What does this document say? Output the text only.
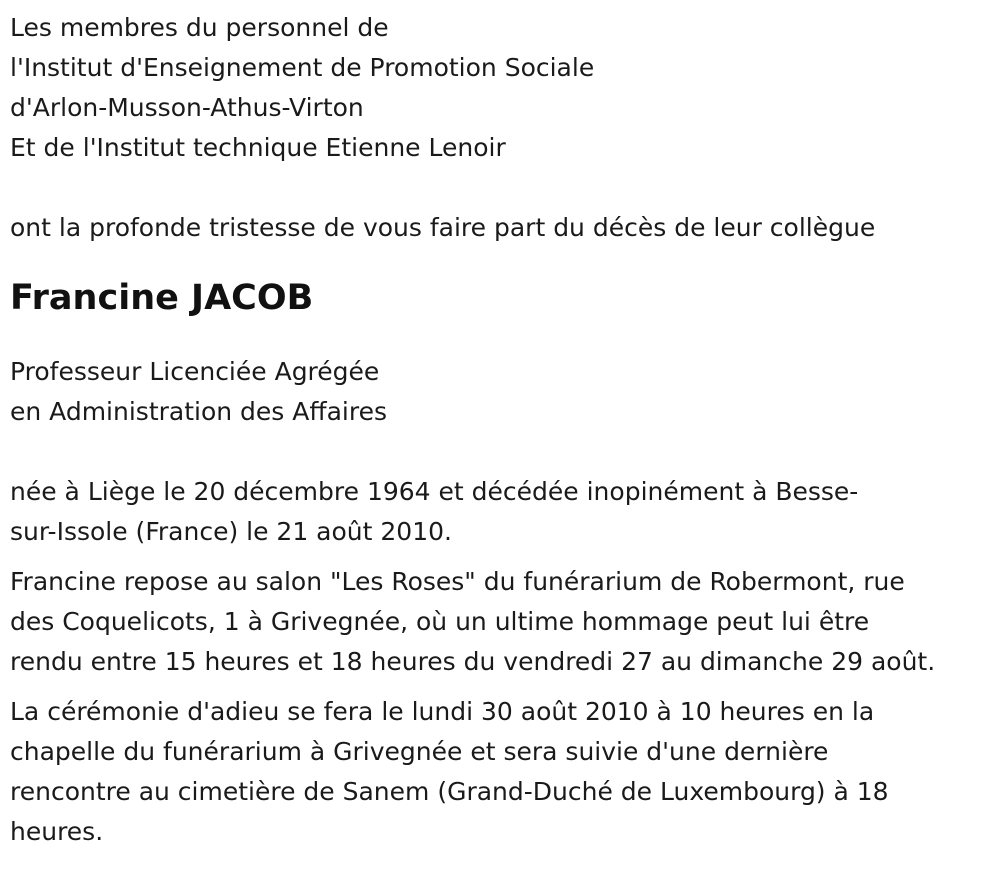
Les membres du personnel de
l'Institut d'Enseignement de Promotion Sociale
d'Arlon-Musson-Athus-Virton
Et de l'Institut technique Etienne Lenoir

ont la profonde tristesse de vous faire part du décès de leur collègue

Francine JACOB
Professeur Licenciée Agrégée
en Administration des Affaires
née à Liège le 20 décembre 1964 et décédée inopinément à Besse-
sur-Issole (France) le 21 août 2010.
Francine repose au salon "Les Roses" du funérarium de Robermont, rue
des Coquelicots, 1 à Grivegnée, où un ultime hommage peut lui être
rendu entre 15 heures et 18 heures du vendredi 27 au dimanche 29 août.
La cérémonie d'adieu se fera le lundi 30 août 2010 à 10 heures en la
chapelle du funérarium à Grivegnée et sera suivie d'une dernière
rencontre au cimetière de Sanem (Grand-Duché de Luxembourg) à 18
heures.
